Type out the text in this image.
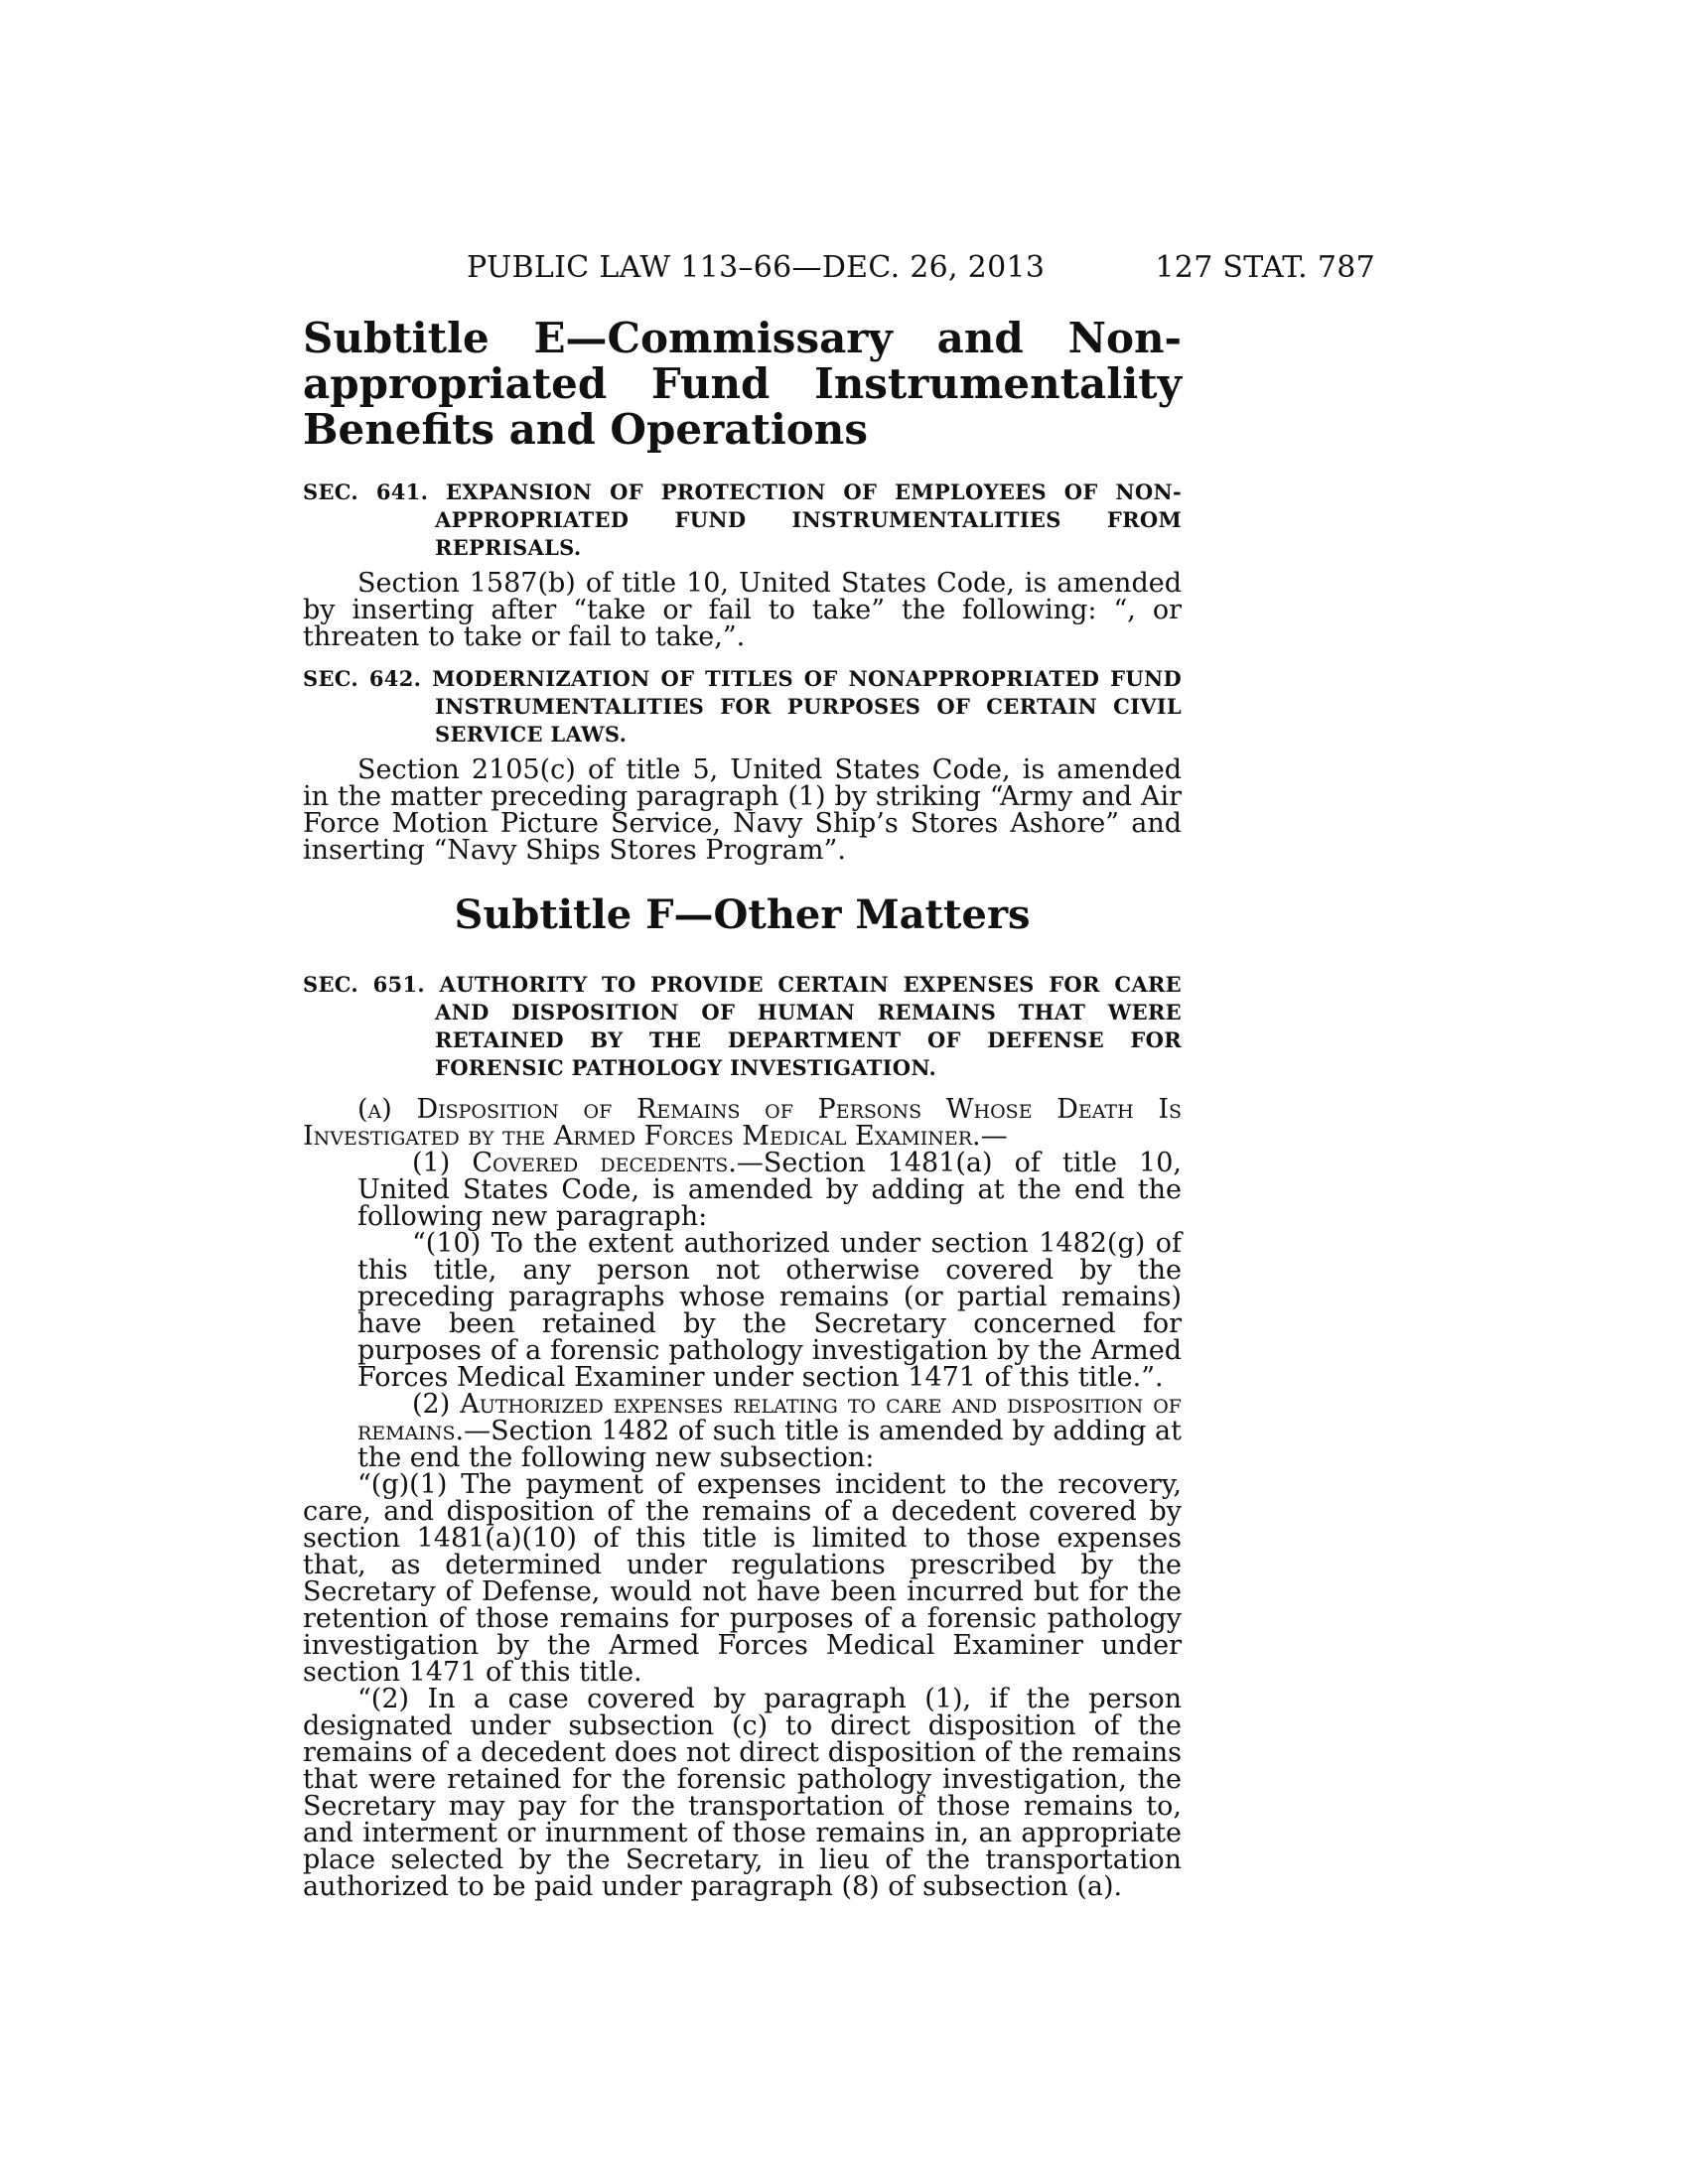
PUBLIC LAW 113–66—DEC. 26, 2013	127 STAT. 787

Subtitle E—Commissary and Non-appropriated Fund Instrumentality Benefits and Operations

SEC. 641. EXPANSION OF PROTECTION OF EMPLOYEES OF NON-APPROPRIATED FUND INSTRUMENTALITIES FROM REPRISALS.

Section 1587(b) of title 10, United States Code, is amended by inserting after “take or fail to take” the following: “, or threaten to take or fail to take,”.

SEC. 642. MODERNIZATION OF TITLES OF NONAPPROPRIATED FUND INSTRUMENTALITIES FOR PURPOSES OF CERTAIN CIVIL SERVICE LAWS.

Section 2105(c) of title 5, United States Code, is amended in the matter preceding paragraph (1) by striking “Army and Air Force Motion Picture Service, Navy Ship’s Stores Ashore” and inserting “Navy Ships Stores Program”.

Subtitle F—Other Matters

SEC. 651. AUTHORITY TO PROVIDE CERTAIN EXPENSES FOR CARE AND DISPOSITION OF HUMAN REMAINS THAT WERE RETAINED BY THE DEPARTMENT OF DEFENSE FOR FORENSIC PATHOLOGY INVESTIGATION.

(a) Disposition of Remains of Persons Whose Death Is Investigated by the Armed Forces Medical Examiner.—

(1) Covered decedents.—Section 1481(a) of title 10, United States Code, is amended by adding at the end the following new paragraph:

“(10) To the extent authorized under section 1482(g) of this title, any person not otherwise covered by the preceding paragraphs whose remains (or partial remains) have been retained by the Secretary concerned for purposes of a forensic pathology investigation by the Armed Forces Medical Examiner under section 1471 of this title.”.

(2) Authorized expenses relating to care and disposition of remains.—Section 1482 of such title is amended by adding at the end the following new subsection:

“(g)(1) The payment of expenses incident to the recovery, care, and disposition of the remains of a decedent covered by section 1481(a)(10) of this title is limited to those expenses that, as determined under regulations prescribed by the Secretary of Defense, would not have been incurred but for the retention of those remains for purposes of a forensic pathology investigation by the Armed Forces Medical Examiner under section 1471 of this title.

“(2) In a case covered by paragraph (1), if the person designated under subsection (c) to direct disposition of the remains of a decedent does not direct disposition of the remains that were retained for the forensic pathology investigation, the Secretary may pay for the transportation of those remains to, and interment or inurnment of those remains in, an appropriate place selected by the Secretary, in lieu of the transportation authorized to be paid under paragraph (8) of subsection (a).
